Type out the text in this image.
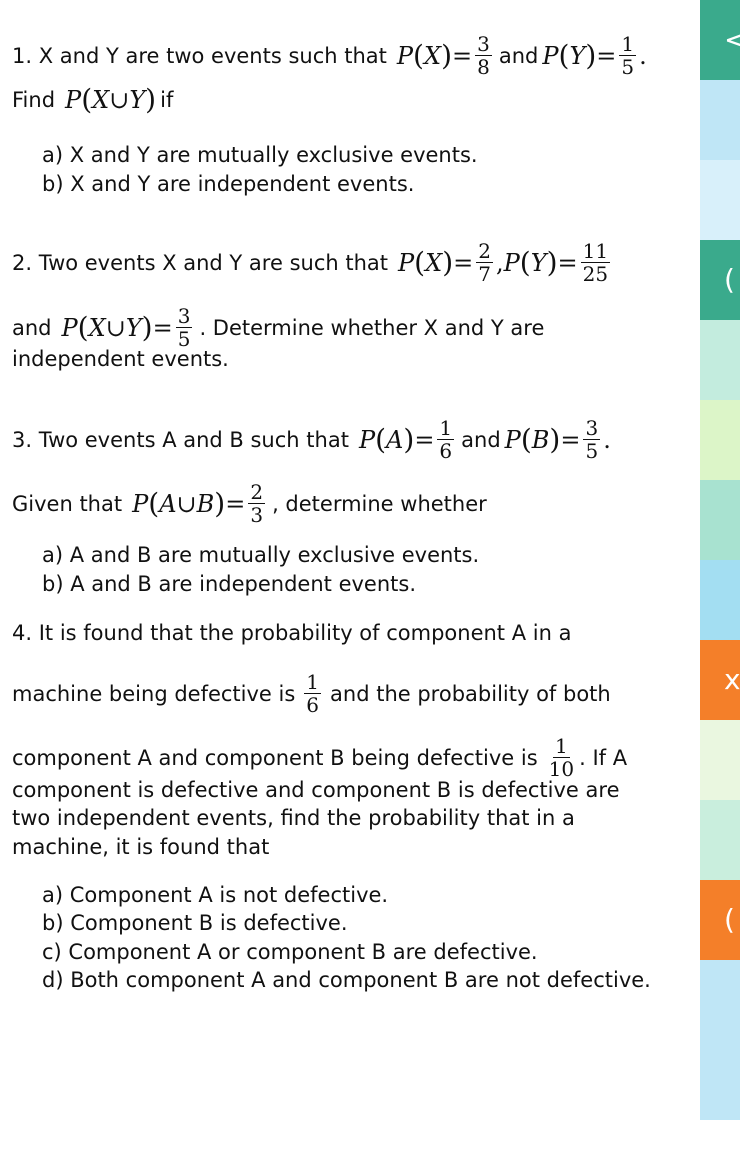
1. X and Y are two events such that P ( X ) = $\frac{3}{8}$ and P ( Y ) = $\frac{1}{5}$ .
Find P ( X ∪ Y ) if
a) X and Y are mutually exclusive events.
b) X and Y are independent events.
2. Two events X and Y are such that P ( X ) = $\frac{2}{7}$ , P ( Y ) = $\frac{11}{25}$
and P ( X ∪ Y ) = $\frac{3}{5}$ . Determine whether X and Y are
independent events.
3. Two events A and B such that P ( A ) = $\frac{1}{6}$ and P ( B ) = $\frac{3}{5}$ .
Given that P ( A ∪ B ) = $\frac{2}{3}$ , determine whether
a) A and B are mutually exclusive events.
b) A and B are independent events.
4. It is found that the probability of component A in a
machine being defective is $\frac{1}{6}$ and the probability of both
component A and component B being defective is $\frac{1}{10}$ . If A
component is defective and component B is defective are
two independent events, find the probability that in a
machine, it is found that
a) Component A is not defective.
b) Component B is defective.
c) Component A or component B are defective.
d) Both component A and component B are not defective.
<
(
x
(
